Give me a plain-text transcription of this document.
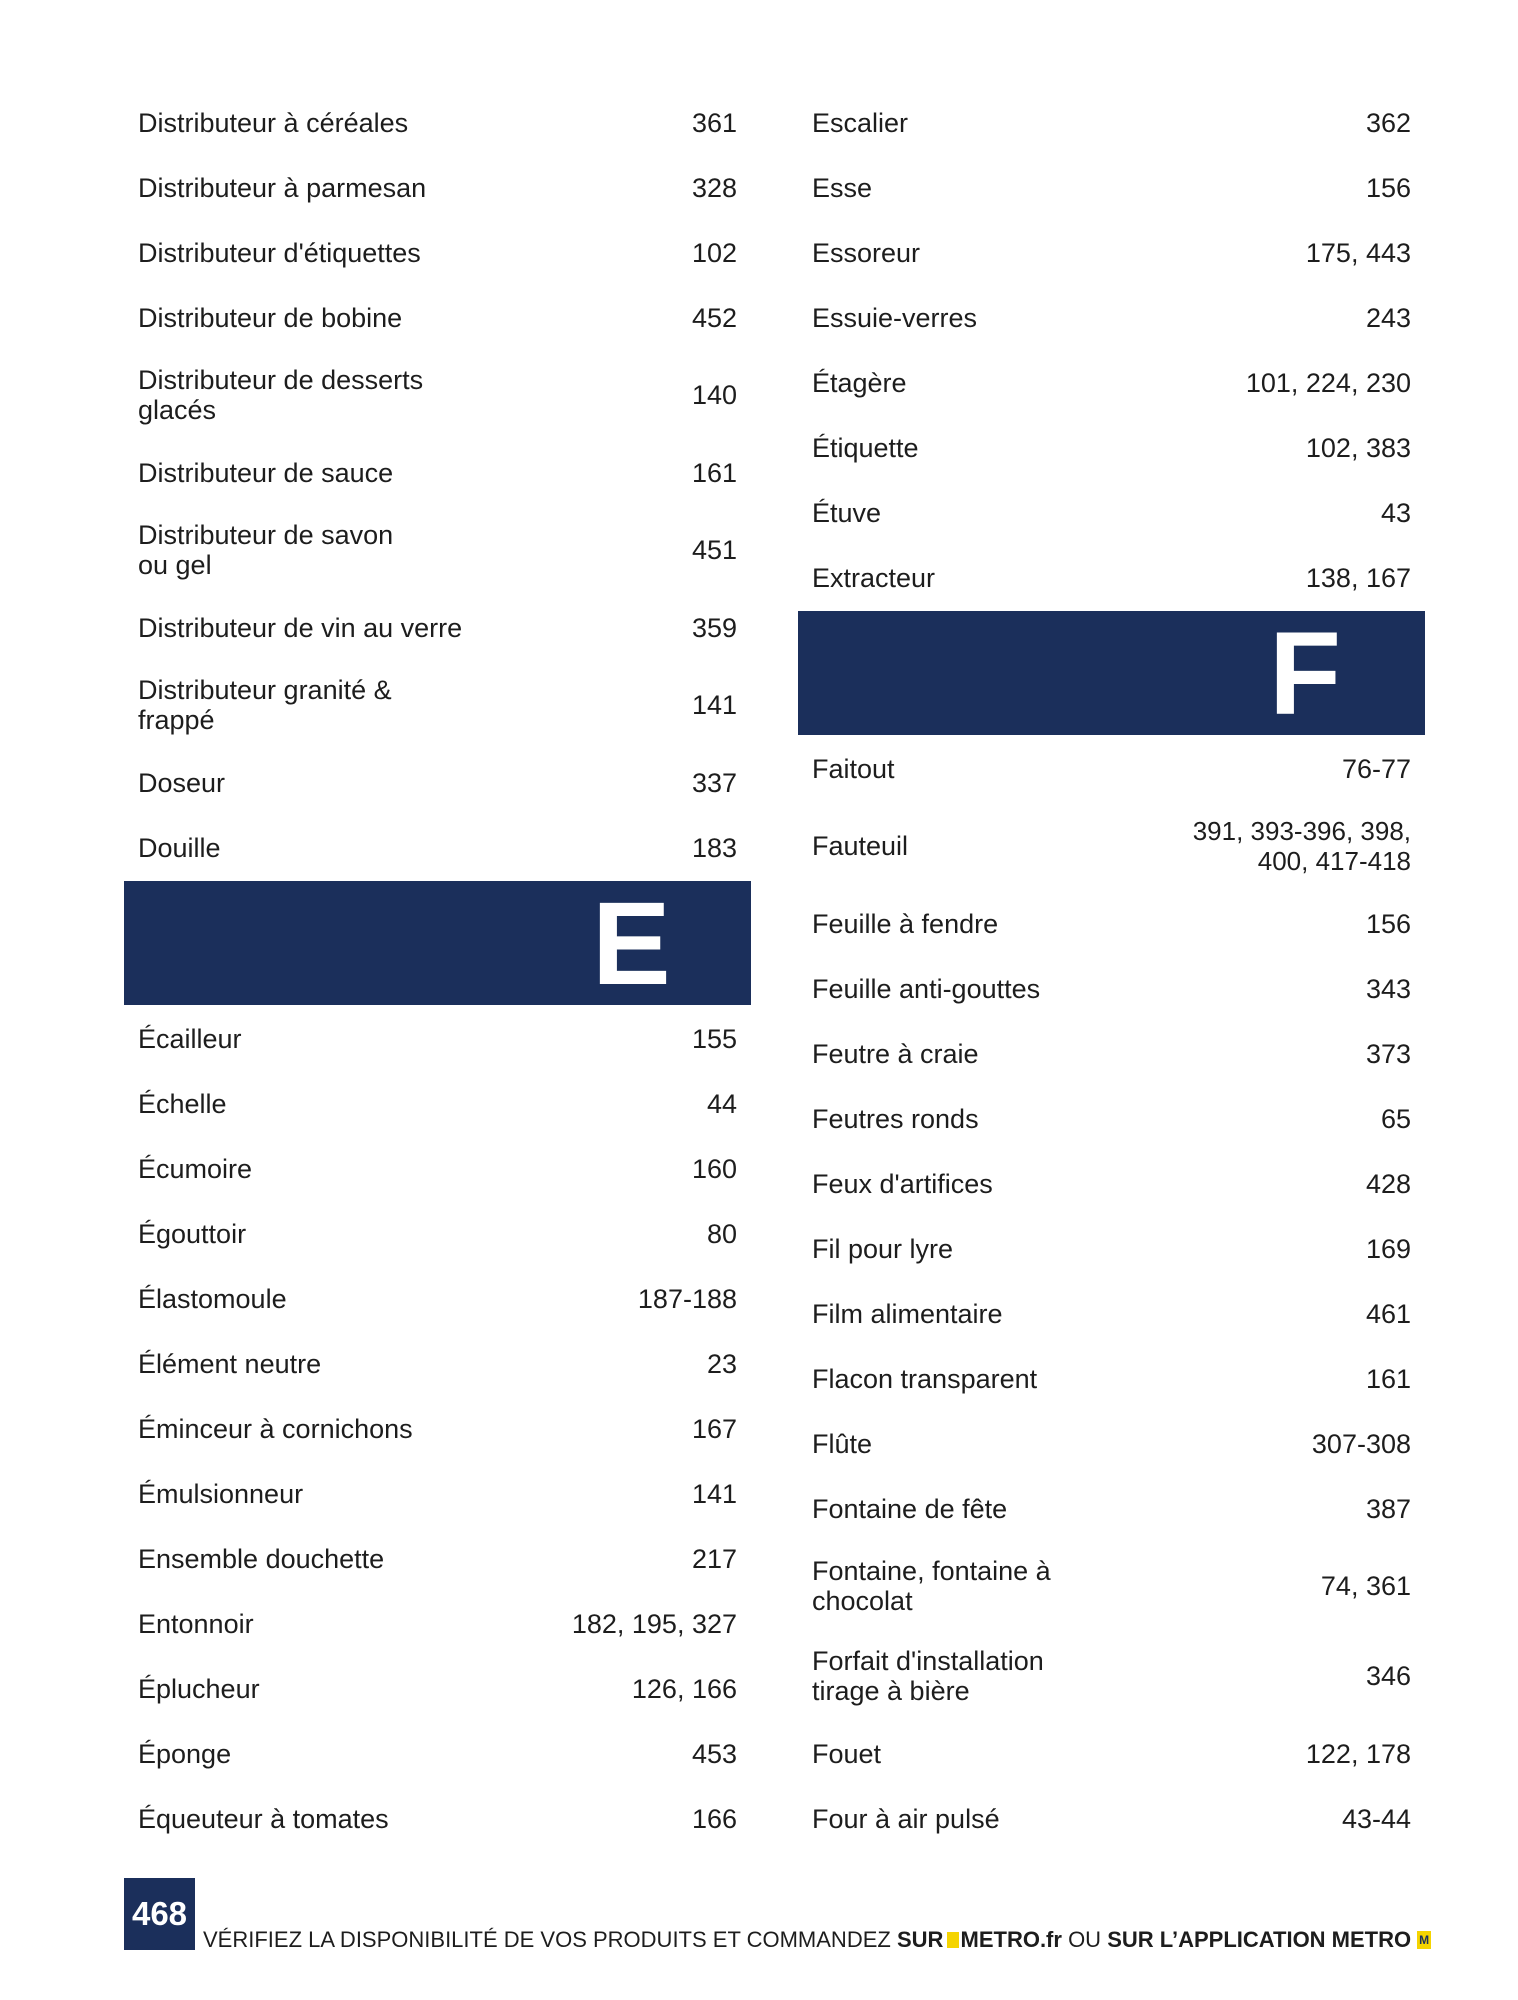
Distributeur à céréales	361
Distributeur à parmesan	328
Distributeur d'étiquettes	102
Distributeur de bobine	452
Distributeur de desserts glacés	140
Distributeur de sauce	161
Distributeur de savon ou gel	451
Distributeur de vin au verre	359
Distributeur granité & frappé	141
Doseur	337
Douille	183
E
Écailleur	155
Échelle	44
Écumoire	160
Égouttoir	80
Élastomoule	187-188
Élément neutre	23
Éminceur à cornichons	167
Émulsionneur	141
Ensemble douchette	217
Entonnoir	182, 195, 327
Éplucheur	126, 166
Éponge	453
Équeuteur à tomates	166
Escalier	362
Esse	156
Essoreur	175, 443
Essuie-verres	243
Étagère	101, 224, 230
Étiquette	102, 383
Étuve	43
Extracteur	138, 167
F
Faitout	76-77
Fauteuil	391, 393-396, 398, 400, 417-418
Feuille à fendre	156
Feuille anti-gouttes	343
Feutre à craie	373
Feutres ronds	65
Feux d'artifices	428
Fil pour lyre	169
Film alimentaire	461
Flacon transparent	161
Flûte	307-308
Fontaine de fête	387
Fontaine, fontaine à chocolat	74, 361
Forfait d'installation tirage à bière	346
Fouet	122, 178
Four à air pulsé	43-44
468
VÉRIFIEZ LA DISPONIBILITÉ DE VOS PRODUITS ET COMMANDEZ SUR METRO.fr OU SUR L’APPLICATION METRO M
